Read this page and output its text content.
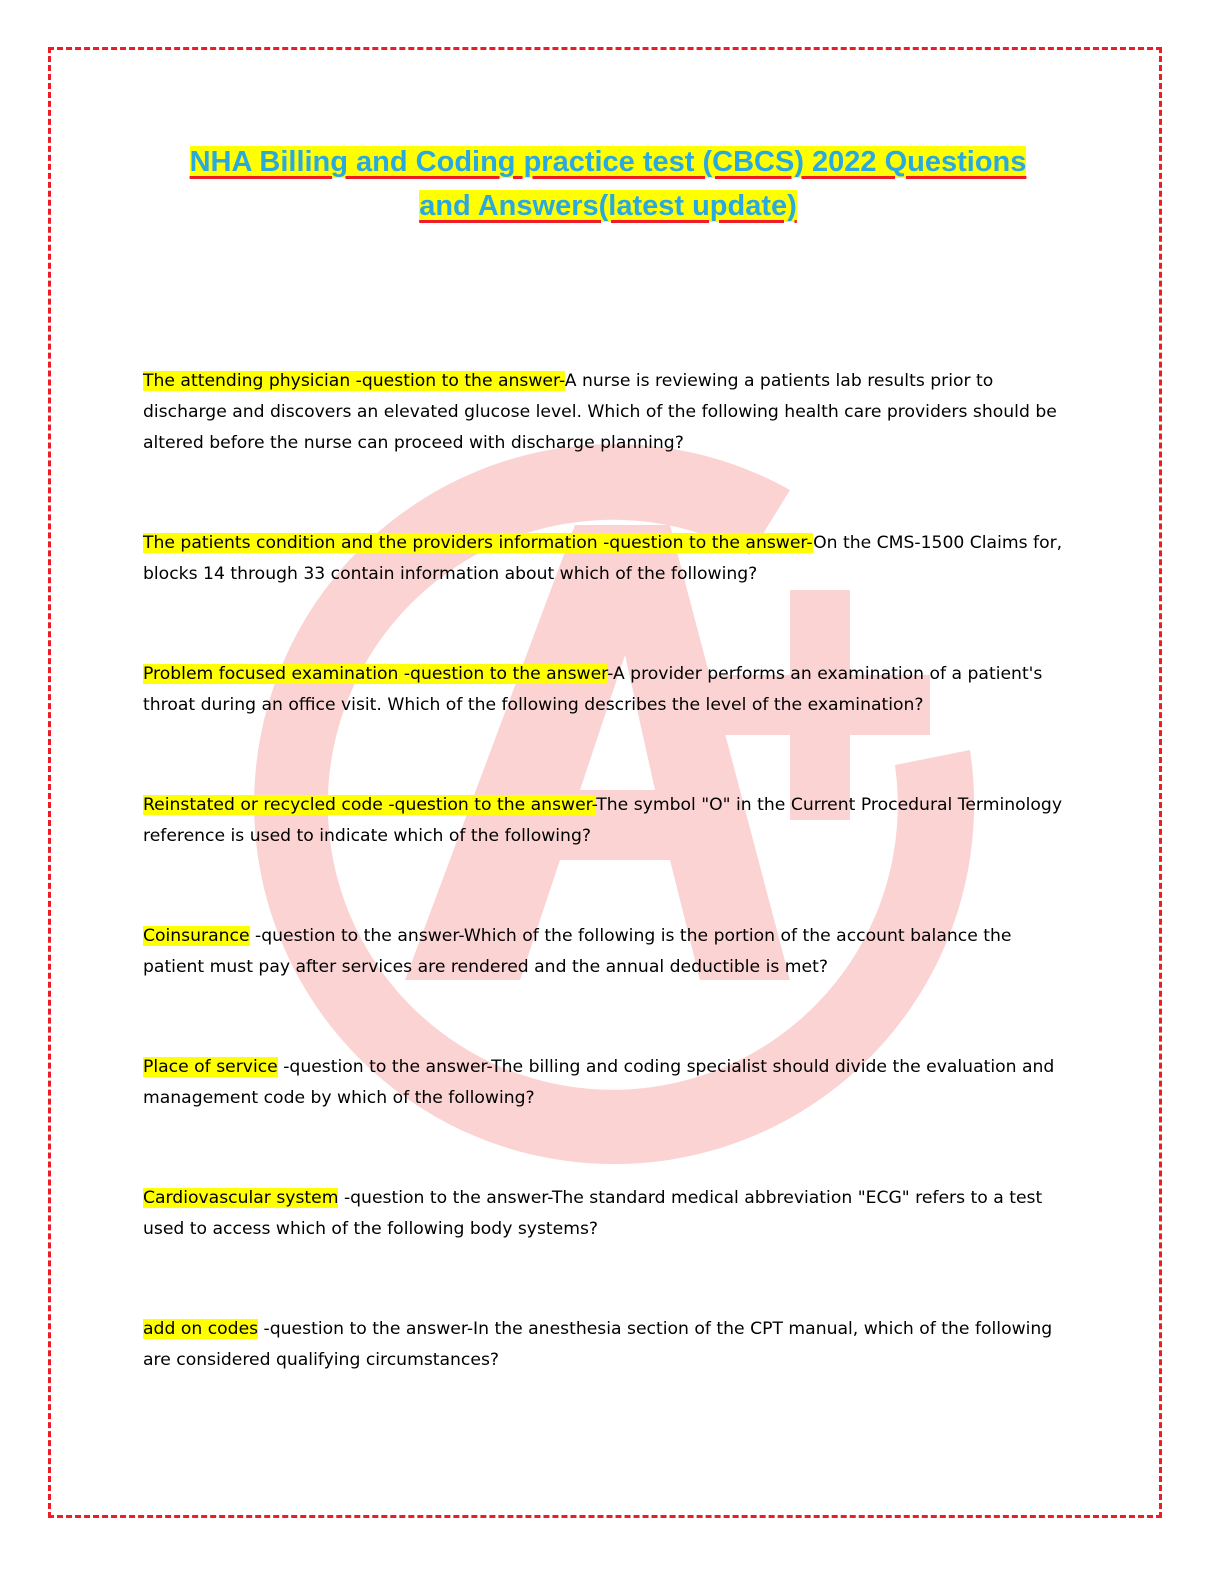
NHA Billing and Coding practice test (CBCS) 2022 Questions
and Answers(latest update)

The attending physician -question to the answer-A nurse is reviewing a patients lab results prior to discharge and discovers an elevated glucose level. Which of the following health care providers should be altered before the nurse can proceed with discharge planning?

The patients condition and the providers information -question to the answer-On the CMS-1500 Claims for, blocks 14 through 33 contain information about which of the following?

Problem focused examination -question to the answer-A provider performs an examination of a patient's throat during an office visit. Which of the following describes the level of the examination?

Reinstated or recycled code -question to the answer-The symbol "O" in the Current Procedural Terminology reference is used to indicate which of the following?

Coinsurance -question to the answer-Which of the following is the portion of the account balance the patient must pay after services are rendered and the annual deductible is met?

Place of service -question to the answer-The billing and coding specialist should divide the evaluation and management code by which of the following?

Cardiovascular system -question to the answer-The standard medical abbreviation "ECG" refers to a test used to access which of the following body systems?

add on codes -question to the answer-In the anesthesia section of the CPT manual, which of the following are considered qualifying circumstances?
